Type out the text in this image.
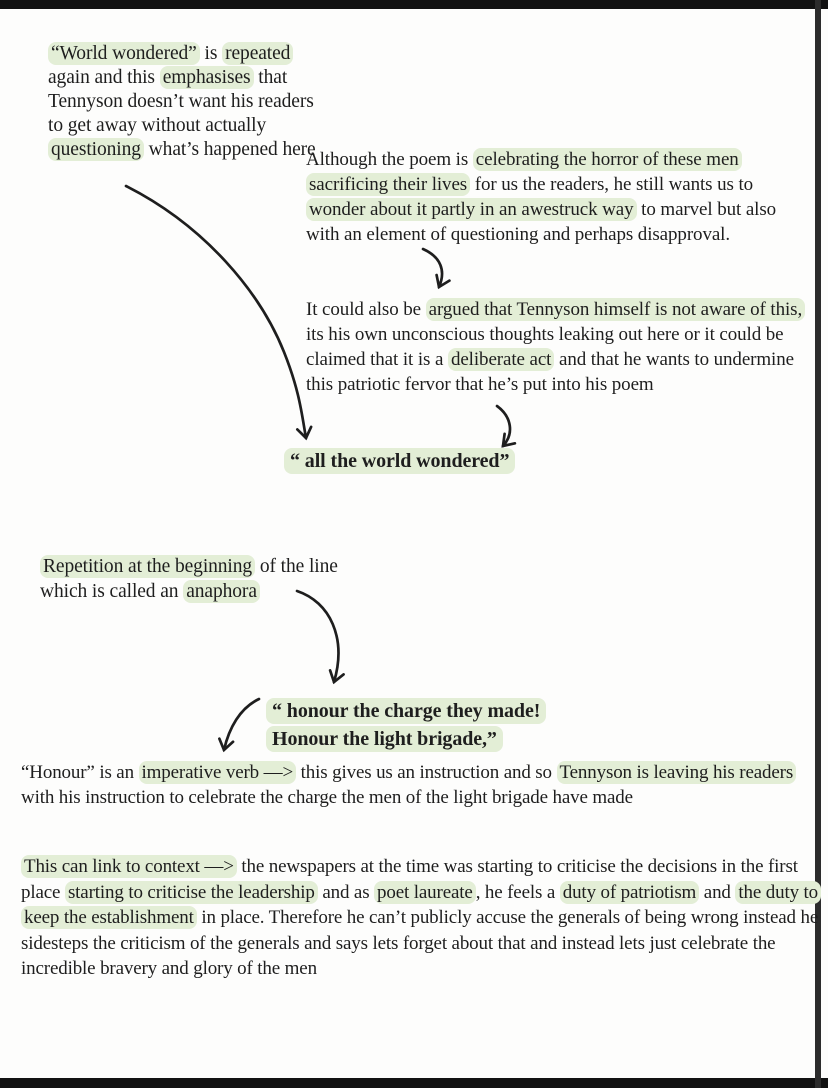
“World wondered” is repeated again and this emphasises that Tennyson doesn’t want his readers to get away without actually questioning what’s happened here
Although the poem is celebrating the horror of these men sacrificing their lives for us the readers, he still wants us to wonder about it partly in an awestruck way to marvel but also with an element of questioning and perhaps disapproval.
It could also be argued that Tennyson himself is not aware of this, its his own unconscious thoughts leaking out here or it could be claimed that it is a deliberate act and that he wants to undermine this patriotic fervor that he’s put into his poem
“ all the world wondered”
Repetition at the beginning of the line which is called an anaphora
“ honour the charge they made!
Honour the light brigade,”
“Honour” is an imperative verb —> this gives us an instruction and so Tennyson is leaving his readers with his instruction to celebrate the charge the men of the light brigade have made
This can link to context —> the newspapers at the time was starting to criticise the decisions in the first place starting to criticise the leadership and as poet laureate , he feels a duty of patriotism and the duty to keep the establishment in place. Therefore he can’t publicly accuse the generals of being wrong instead he sidesteps the criticism of the generals and says lets forget about that and instead lets just celebrate the incredible bravery and glory of the men
